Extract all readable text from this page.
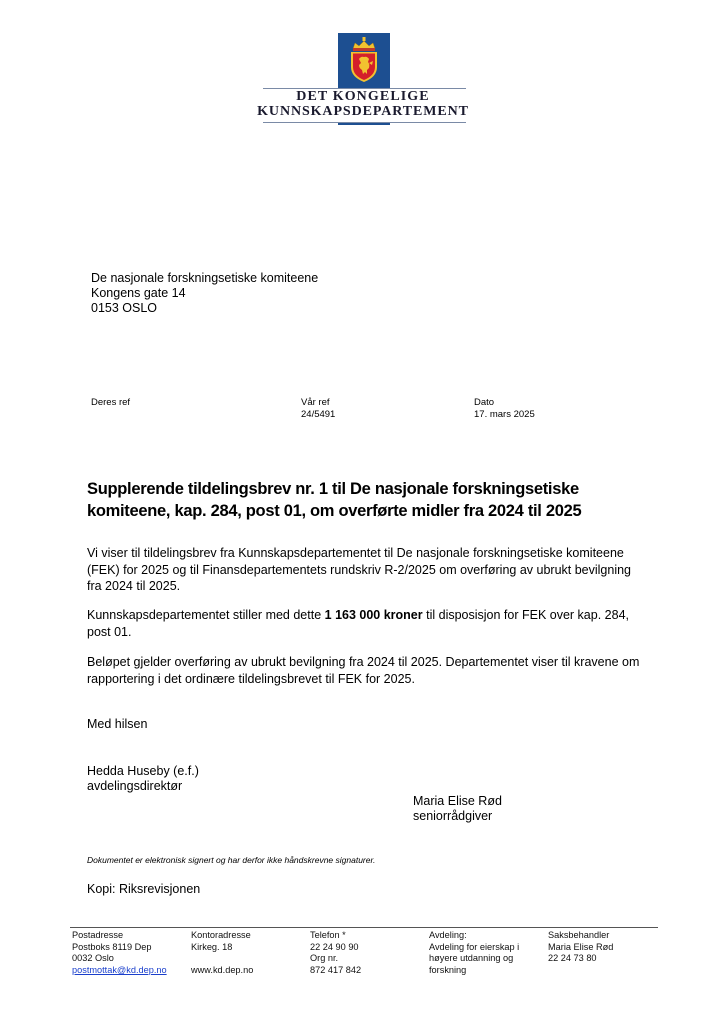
DET KONGELIGE
KUNNSKAPSDEPARTEMENT
De nasjonale forskningsetiske komiteene
Kongens gate 14
0153 OSLO
Deres ref	Vår ref
24/5491
Dato
17. mars 2025
Supplerende tildelingsbrev nr. 1 til De nasjonale forskningsetiske komiteene, kap. 284, post 01, om overførte midler fra 2024 til 2025
Vi viser til tildelingsbrev fra Kunnskapsdepartementet til De nasjonale forskningsetiske komiteene (FEK) for 2025 og til Finansdepartementets rundskriv R-2/2025 om overføring av ubrukt bevilgning fra 2024 til 2025.
Kunnskapsdepartementet stiller med dette 1 163 000 kroner til disposisjon for FEK over kap. 284, post 01.
Beløpet gjelder overføring av ubrukt bevilgning fra 2024 til 2025. Departementet viser til kravene om rapportering i det ordinære tildelingsbrevet til FEK for 2025.
Med hilsen
Hedda Huseby (e.f.)
avdelingsdirektør
Maria Elise Rød
seniorrådgiver
Dokumentet er elektronisk signert og har derfor ikke håndskrevne signaturer.
Kopi: Riksrevisjonen
Postadresse
Postboks 8119 Dep
0032 Oslo
postmottak@kd.dep.no
Kontoradresse
Kirkeg. 18

www.kd.dep.no
Telefon *
22 24 90 90
Org nr.
872 417 842
Avdeling:
Avdeling for eierskap i
høyere utdanning og
forskning
Saksbehandler
Maria Elise Rød
22 24 73 80
